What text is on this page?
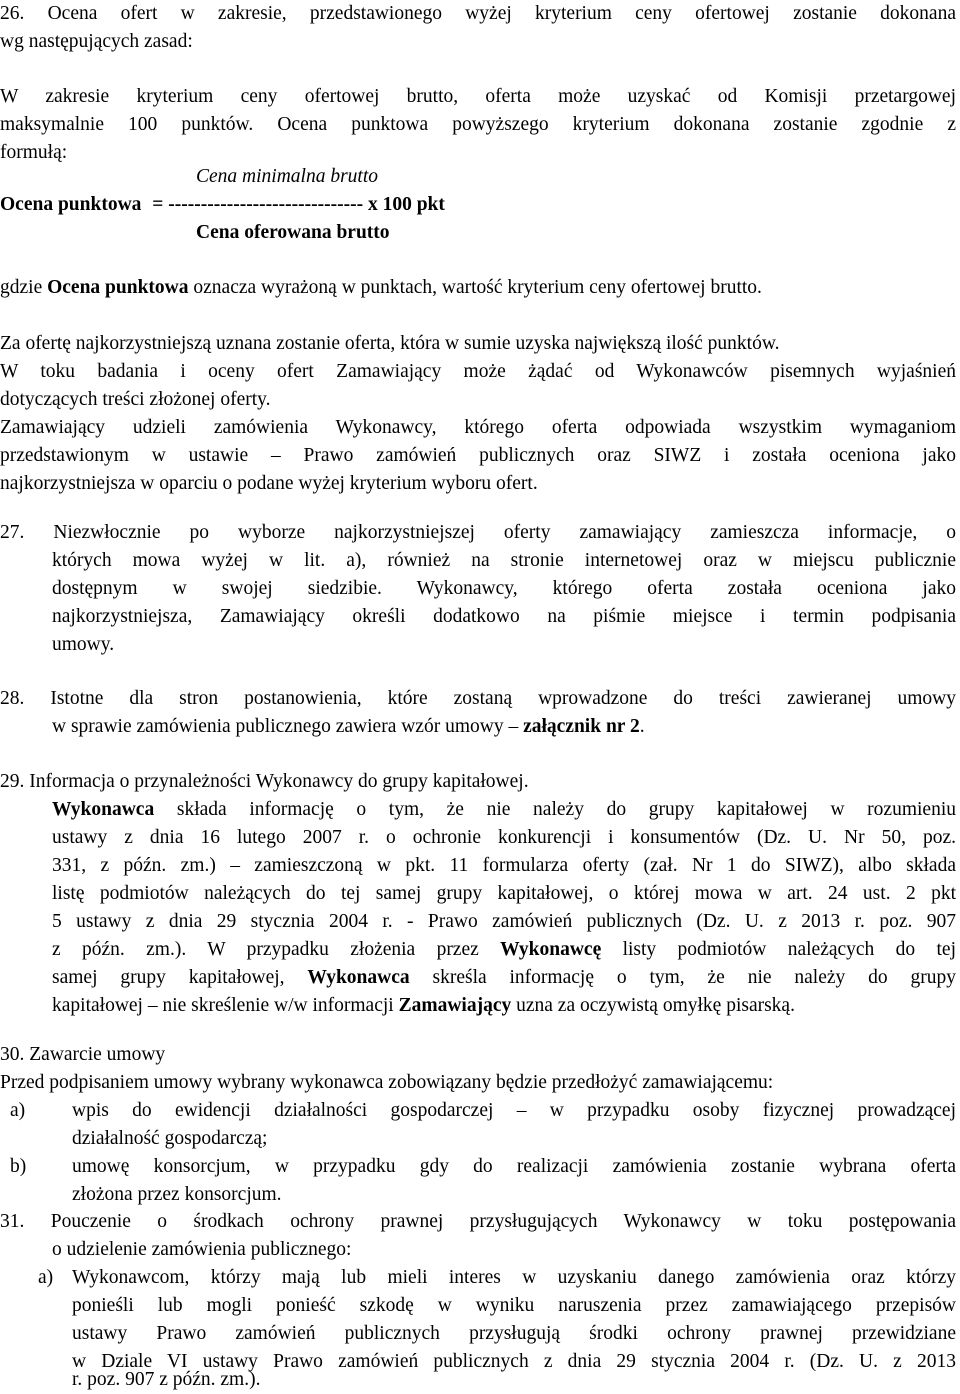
26. Ocena ofert w zakresie, przedstawionego wyżej kryterium ceny ofertowej zostanie dokonana
wg następujących zasad:
W zakresie kryterium ceny ofertowej brutto, oferta może uzyskać od Komisji przetargowej
maksymalnie 100 punktów. Ocena punktowa powyższego kryterium dokonana zostanie zgodnie z
formułą:
Cena minimalna brutto
Ocena punktowa = ------------------------------ x 100 pkt
Cena oferowana brutto
gdzie Ocena punktowa oznacza wyrażoną w punktach, wartość kryterium ceny ofertowej brutto.
Za ofertę najkorzystniejszą uznana zostanie oferta, która w sumie uzyska największą ilość punktów.
W toku badania i oceny ofert Zamawiający może żądać od Wykonawców pisemnych wyjaśnień
dotyczących treści złożonej oferty.
Zamawiający udzieli zamówienia Wykonawcy, którego oferta odpowiada wszystkim wymaganiom
przedstawionym w ustawie – Prawo zamówień publicznych oraz SIWZ i została oceniona jako
najkorzystniejsza w oparciu o podane wyżej kryterium wyboru ofert.
27. Niezwłocznie po wyborze najkorzystniejszej oferty zamawiający zamieszcza informacje, o
których mowa wyżej w lit. a), również na stronie internetowej oraz w miejscu publicznie
dostępnym w swojej siedzibie. Wykonawcy, którego oferta została oceniona jako
najkorzystniejsza, Zamawiający określi dodatkowo na piśmie miejsce i termin podpisania
umowy.
28. Istotne dla stron postanowienia, które zostaną wprowadzone do treści zawieranej umowy
w sprawie zamówienia publicznego zawiera wzór umowy – załącznik nr 2.
29. Informacja o przynależności Wykonawcy do grupy kapitałowej.
Wykonawca składa informację o tym, że nie należy do grupy kapitałowej w rozumieniu
ustawy z dnia 16 lutego 2007 r. o ochronie konkurencji i konsumentów (Dz. U. Nr 50, poz.
331, z późn. zm.) – zamieszczoną w pkt. 11 formularza oferty (zał. Nr 1 do SIWZ), albo składa
listę podmiotów należących do tej samej grupy kapitałowej, o której mowa w art. 24 ust. 2 pkt
5 ustawy z dnia 29 stycznia 2004 r. - Prawo zamówień publicznych (Dz. U. z 2013 r. poz. 907
z późn. zm.). W przypadku złożenia przez Wykonawcę listy podmiotów należących do tej
samej grupy kapitałowej, Wykonawca skreśla informację o tym, że nie należy do grupy
kapitałowej – nie skreślenie w/w informacji Zamawiający uzna za oczywistą omyłkę pisarską.
30. Zawarcie umowy
Przed podpisaniem umowy wybrany wykonawca zobowiązany będzie przedłożyć zamawiającemu:
a) wpis do ewidencji działalności gospodarczej – w przypadku osoby fizycznej prowadzącej
działalność gospodarczą;
b) umowę konsorcjum, w przypadku gdy do realizacji zamówienia zostanie wybrana oferta
złożona przez konsorcjum.
31. Pouczenie o środkach ochrony prawnej przysługujących Wykonawcy w toku postępowania
o udzielenie zamówienia publicznego:
a) Wykonawcom, którzy mają lub mieli interes w uzyskaniu danego zamówienia oraz którzy
ponieśli lub mogli ponieść szkodę w wyniku naruszenia przez zamawiającego przepisów
ustawy Prawo zamówień publicznych przysługują środki ochrony prawnej przewidziane
w Dziale VI ustawy Prawo zamówień publicznych z dnia 29 stycznia 2004 r. (Dz. U. z 2013
r. poz. 907 z późn. zm.).
